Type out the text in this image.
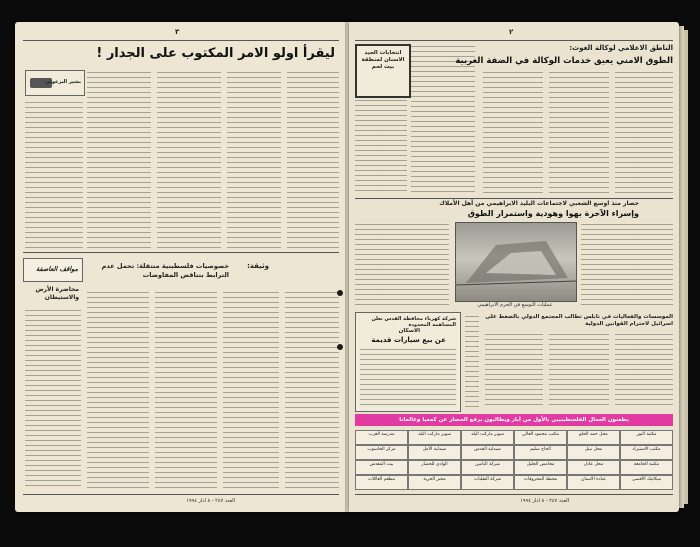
٣
ليقرأ اولو الامر المكتوب على الجدار !
بشير البرغوثي
مواقف العاصفة
محاضرة الأرض والاستيطان
وثيقة:
خصوصيات فلسطينية منتقلة: تحمل عدم الترابط بتناقض المفاوضات
العدد ٢٤٧ - ٨ آذار ١٩٩٤
٢
انتخابات الجيد الاسنان لمنطقة بيت لحم
الناطق الاعلامي لوكالة الغوث:
الطوق الامني يعيق خدمات الوكالة في الضفة الغربية
حصار منذ اوسع الشعبي لاجتماعات البليد الابراهيمي من أهل الأملاك
وإسراء الآخرة بهوا وهودية واستمرار الطوق
عمليات التوسع في الحرم الابراهيمي
شركة كهرباء محافظة القدس تعلن المساهمة المحدودة
الاسكان
عن بيع سيارات قديمة
الموسسات والفعاليات في نابلس تطالب المجتمع الدولي بالضغط على اسرائيل لاحترام القوانين الدولية
يطعنون العمال الفلسطينيين بالأول من أيار ويطالبون برفع الحصار عن كمعيا وعالمانا
مكتبة النور
محل حمد الحلو
مكتب محمود العالي
سوبر ماركت البلد
سوبر ماركت البلد
مدرسة العرب
مكتب الاستيراد
محل نبيل
الحاج سليم
صيدلية القدس
صيدلية الأمل
مركز الحاسوب
مكتبة الجامعة
محل عادل
محامص الجليل
شركة التأمين
الوادي للخضار
بيت المقدس
ميكانيك الأقصى
عيادة الاسنان
محطة المحروقات
شركة النقليات
مخبز الحرية
مطعم العائلات
العدد ٢٤٧ - ٨ آذار ١٩٩٤
